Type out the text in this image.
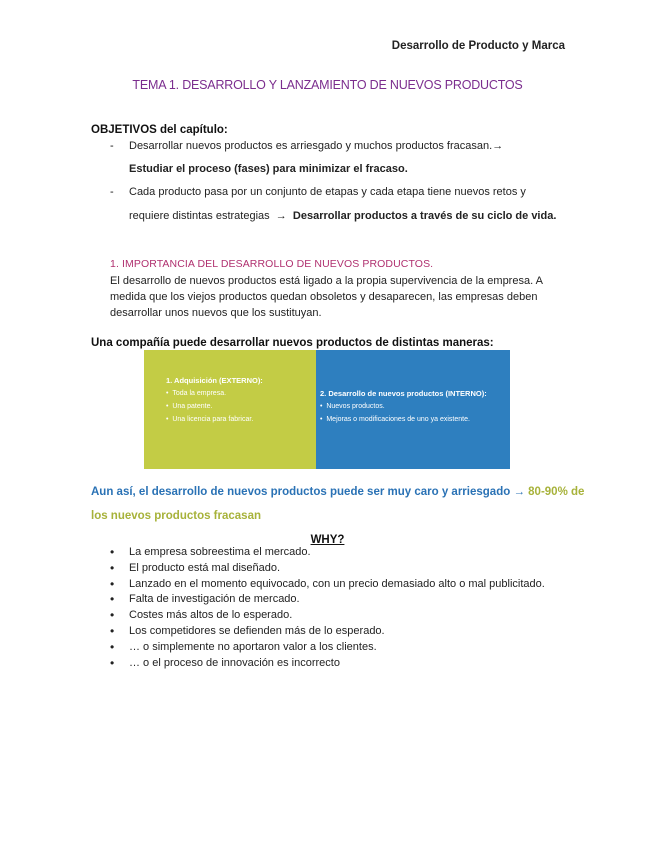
Desarrollo de Producto y Marca
TEMA 1. DESARROLLO Y LANZAMIENTO DE NUEVOS PRODUCTOS
OBJETIVOS del capítulo:
- Desarrollar nuevos productos es arriesgado y muchos productos fracasan.→
Estudiar el proceso (fases) para minimizar el fracaso.
- Cada producto pasa por un conjunto de etapas y cada etapa tiene nuevos retos y
requiere distintas estrategias → Desarrollar productos a través de su ciclo de vida.
1. IMPORTANCIA DEL DESARROLLO DE NUEVOS PRODUCTOS.
El desarrollo de nuevos productos está ligado a la propia supervivencia de la empresa. A medida que los viejos productos quedan obsoletos y desaparecen, las empresas deben desarrollar unos nuevos que los sustituyan.
Una compañía puede desarrollar nuevos productos de distintas maneras:
1. Adquisición (EXTERNO):
•  Toda la empresa.
•  Una patente.
•  Una licencia para fabricar.
2. Desarrollo de nuevos productos (INTERNO):
•  Nuevos productos.
•  Mejoras o modificaciones de uno ya existente.
Aun así, el desarrollo de nuevos productos puede ser muy caro y arriesgado → 80-90% de
los nuevos productos fracasan
WHY?
• La empresa sobreestima el mercado.
• El producto está mal diseñado.
• Lanzado en el momento equivocado, con un precio demasiado alto o mal publicitado.
• Falta de investigación de mercado.
• Costes más altos de lo esperado.
• Los competidores se defienden más de lo esperado.
• … o simplemente no aportaron valor a los clientes.
• … o el proceso de innovación es incorrecto
